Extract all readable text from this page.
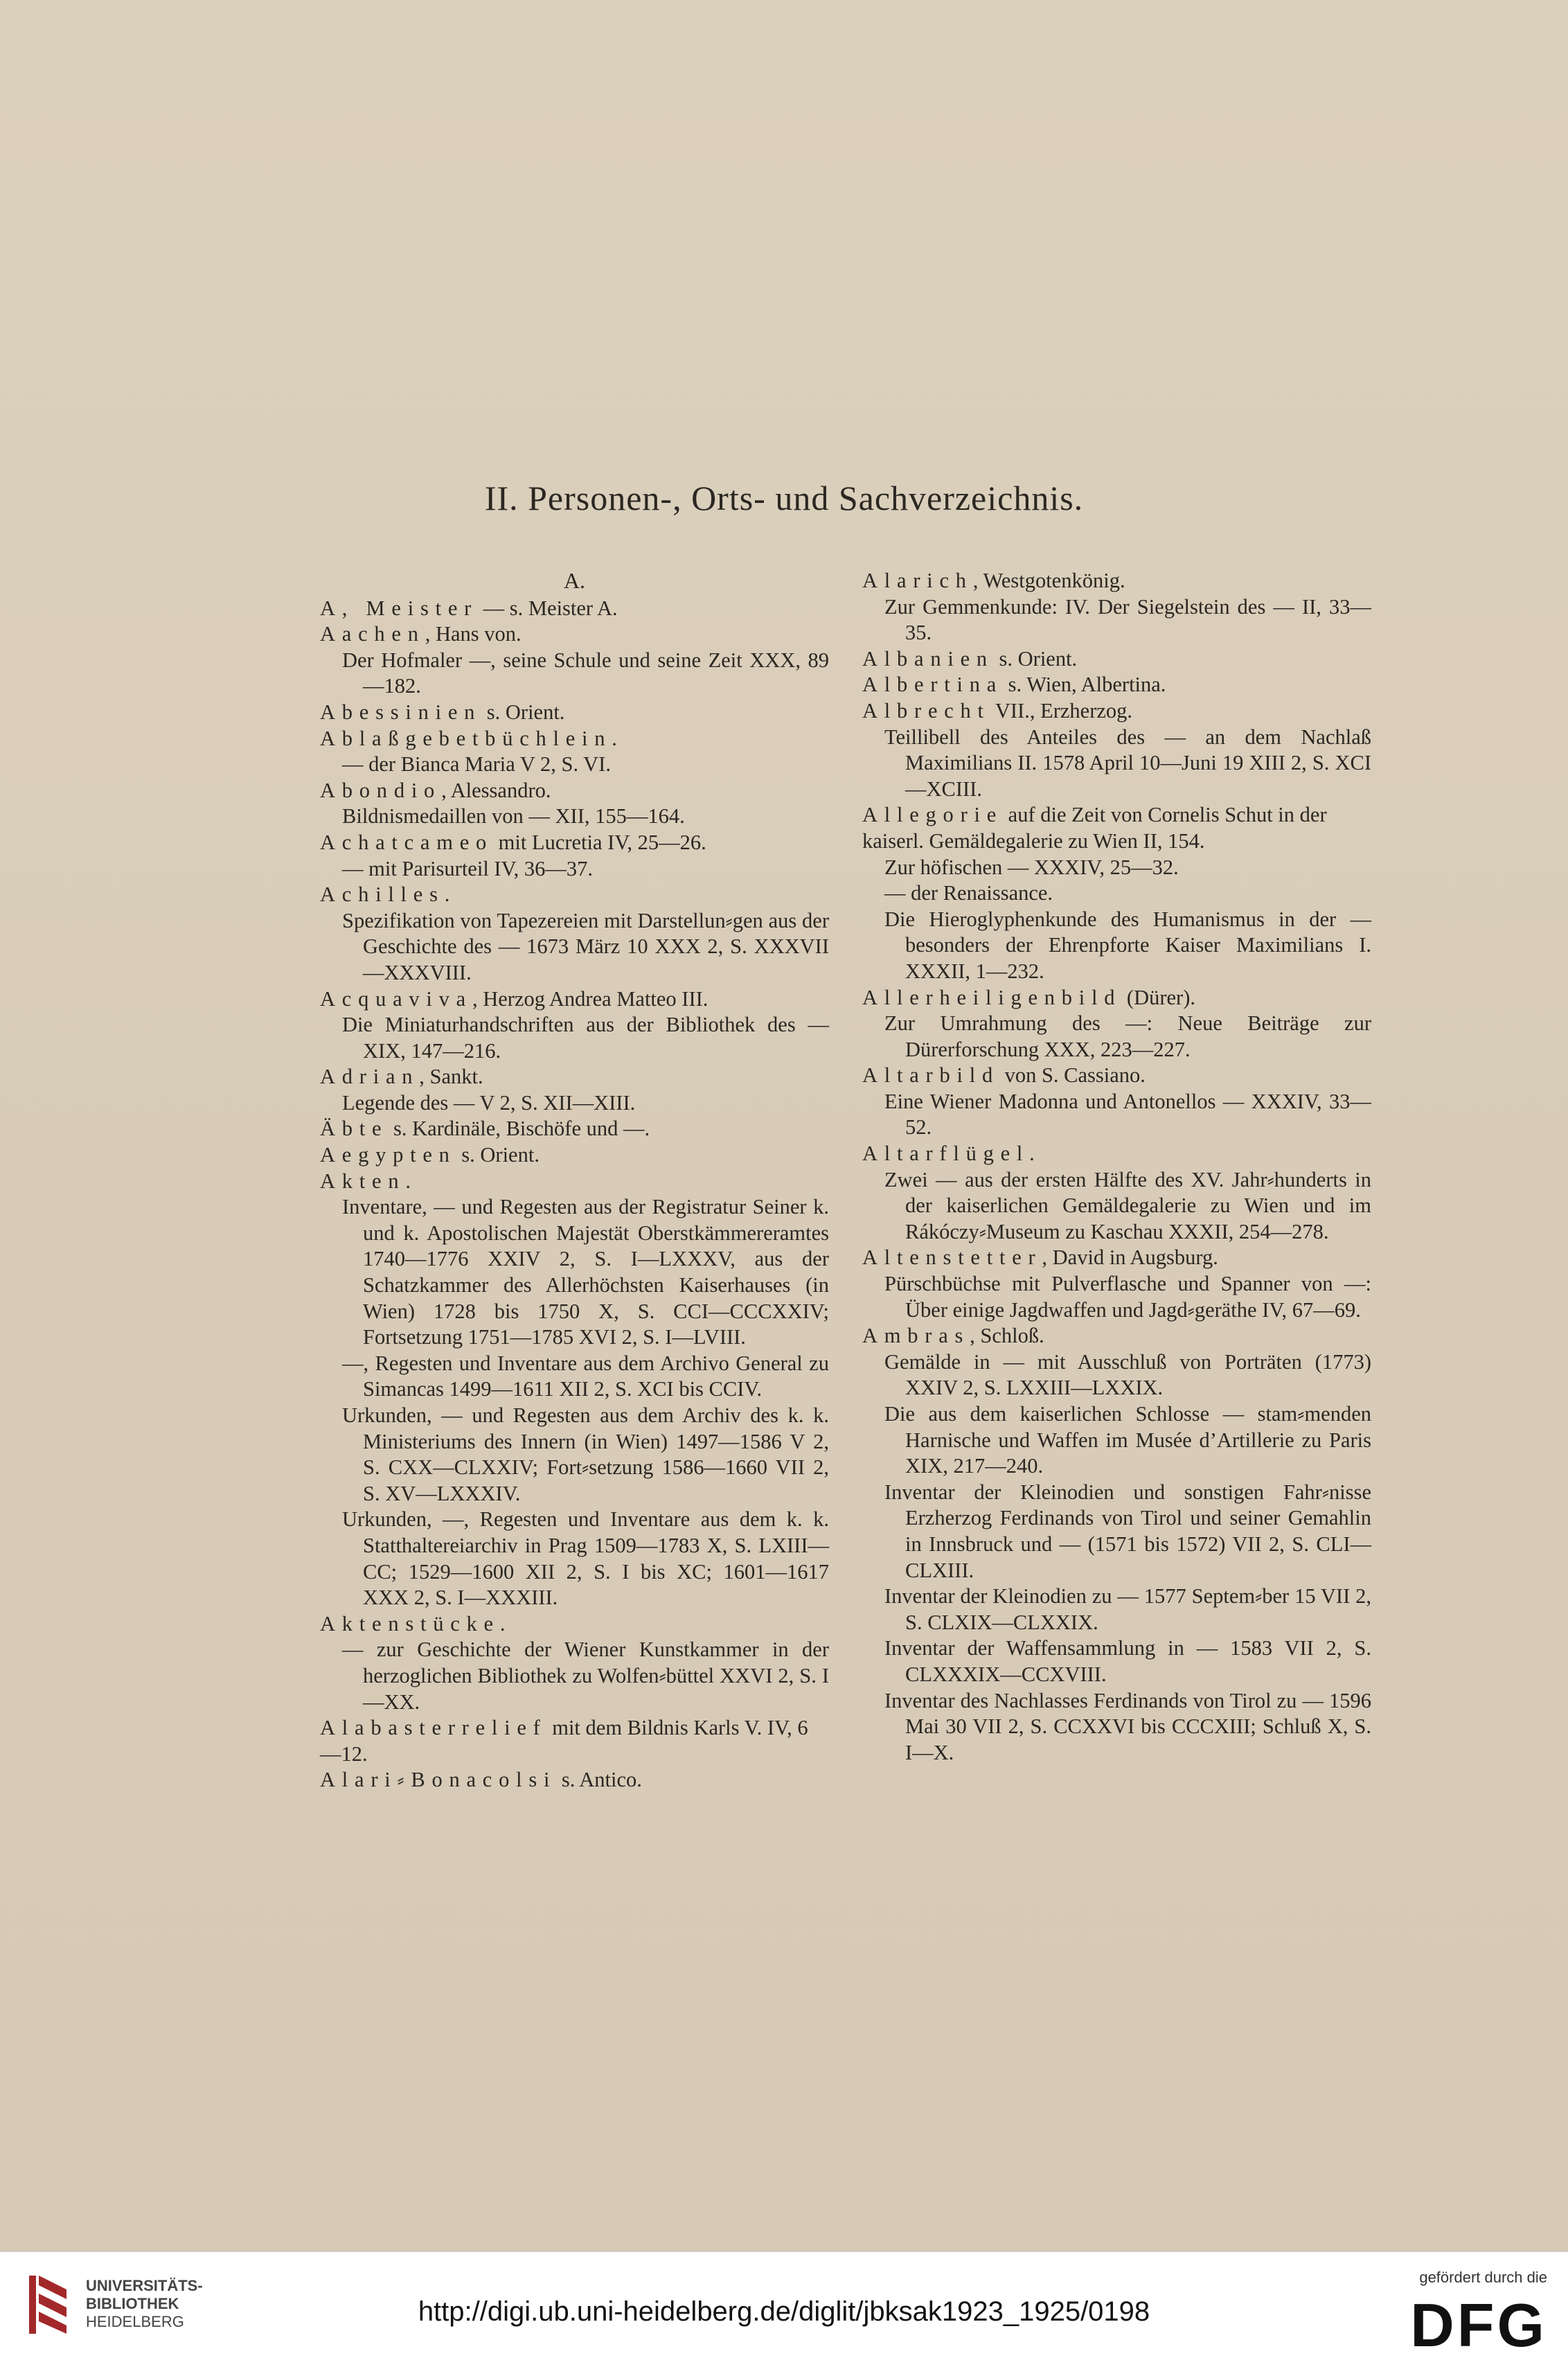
II. Personen-, Orts- und Sachverzeichnis.
A.
A, Meister — s. Meister A.
Aachen, Hans von.
Der Hofmaler —, seine Schule und seine Zeit XXX, 89—182.
Abessinien s. Orient.
Ablaßgebetbüchlein.
— der Bianca Maria V 2, S. VI.
Abondio, Alessandro.
Bildnismedaillen von — XII, 155—164.
Achatcameo mit Lucretia IV, 25—26.
— mit Parisurteil IV, 36—37.
Achilles.
Spezifikation von Tapezereien mit Darstellun⸗gen aus der Geschichte des — 1673 März 10 XXX 2, S. XXXVII—XXXVIII.
Acquaviva, Herzog Andrea Matteo III.
Die Miniaturhandschriften aus der Bibliothek des — XIX, 147—216.
Adrian, Sankt.
Legende des — V 2, S. XII—XIII.
Äbte s. Kardinäle, Bischöfe und —.
Aegypten s. Orient.
Akten.
Inventare, — und Regesten aus der Registratur Seiner k. und k. Apostolischen Majestät Oberstkämmereramtes 1740—1776 XXIV 2, S. I—LXXXV, aus der Schatzkammer des Allerhöchsten Kaiserhauses (in Wien) 1728 bis 1750 X, S. CCI—CCCXXIV; Fortsetzung 1751—1785 XVI 2, S. I—LVIII.
—, Regesten und Inventare aus dem Archivo General zu Simancas 1499—1611 XII 2, S. XCI bis CCIV.
Urkunden, — und Regesten aus dem Archiv des k. k. Ministeriums des Innern (in Wien) 1497—1586 V 2, S. CXX—CLXXIV; Fort⸗setzung 1586—1660 VII 2, S. XV—LXXXIV.
Urkunden, —, Regesten und Inventare aus dem k. k. Statthaltereiarchiv in Prag 1509—1783 X, S. LXIII—CC; 1529—1600 XII 2, S. I bis XC; 1601—1617 XXX 2, S. I—XXXIII.
Aktenstücke.
— zur Geschichte der Wiener Kunstkammer in der herzoglichen Bibliothek zu Wolfen⸗büttel XXVI 2, S. I—XX.
Alabasterrelief mit dem Bildnis Karls V. IV, 6—12.
Alari⸗Bonacolsi s. Antico.
Alarich, Westgotenkönig.
Zur Gemmenkunde: IV. Der Siegelstein des — II, 33—35.
Albanien s. Orient.
Albertina s. Wien, Albertina.
Albrecht VII., Erzherzog.
Teillibell des Anteiles des — an dem Nachlaß Maximilians II. 1578 April 10—Juni 19 XIII 2, S. XCI—XCIII.
Allegorie auf die Zeit von Cornelis Schut in der kaiserl. Gemäldegalerie zu Wien II, 154.
Zur höfischen — XXXIV, 25—32.
— der Renaissance.
Die Hieroglyphenkunde des Humanismus in der — besonders der Ehrenpforte Kaiser Maximilians I. XXXII, 1—232.
Allerheiligenbild (Dürer).
Zur Umrahmung des —: Neue Beiträge zur Dürerforschung XXX, 223—227.
Altarbild von S. Cassiano.
Eine Wiener Madonna und Antonellos — XXXIV, 33—52.
Altarflügel.
Zwei — aus der ersten Hälfte des XV. Jahr⸗hunderts in der kaiserlichen Gemäldegalerie zu Wien und im Rákóczy⸗Museum zu Kaschau XXXII, 254—278.
Altenstetter, David in Augsburg.
Pürschbüchse mit Pulverflasche und Spanner von —: Über einige Jagdwaffen und Jagd⸗geräthe IV, 67—69.
Ambras, Schloß.
Gemälde in — mit Ausschluß von Porträten (1773) XXIV 2, S. LXXIII—LXXIX.
Die aus dem kaiserlichen Schlosse — stam⸗menden Harnische und Waffen im Musée d’Artillerie zu Paris XIX, 217—240.
Inventar der Kleinodien und sonstigen Fahr⸗nisse Erzherzog Ferdinands von Tirol und seiner Gemahlin in Innsbruck und — (1571 bis 1572) VII 2, S. CLI—CLXIII.
Inventar der Kleinodien zu — 1577 Septem⸗ber 15 VII 2, S. CLXIX—CLXXIX.
Inventar der Waffensammlung in — 1583 VII 2, S. CLXXXIX—CCXVIII.
Inventar des Nachlasses Ferdinands von Tirol zu — 1596 Mai 30 VII 2, S. CCXXVI bis CCCXIII; Schluß X, S. I—X.
UNIVERSITÄTS-
BIBLIOTHEK
HEIDELBERG	http://digi.ub.uni-heidelberg.de/diglit/jbksak1923_1925/0198
gefördert durch die
DFG
